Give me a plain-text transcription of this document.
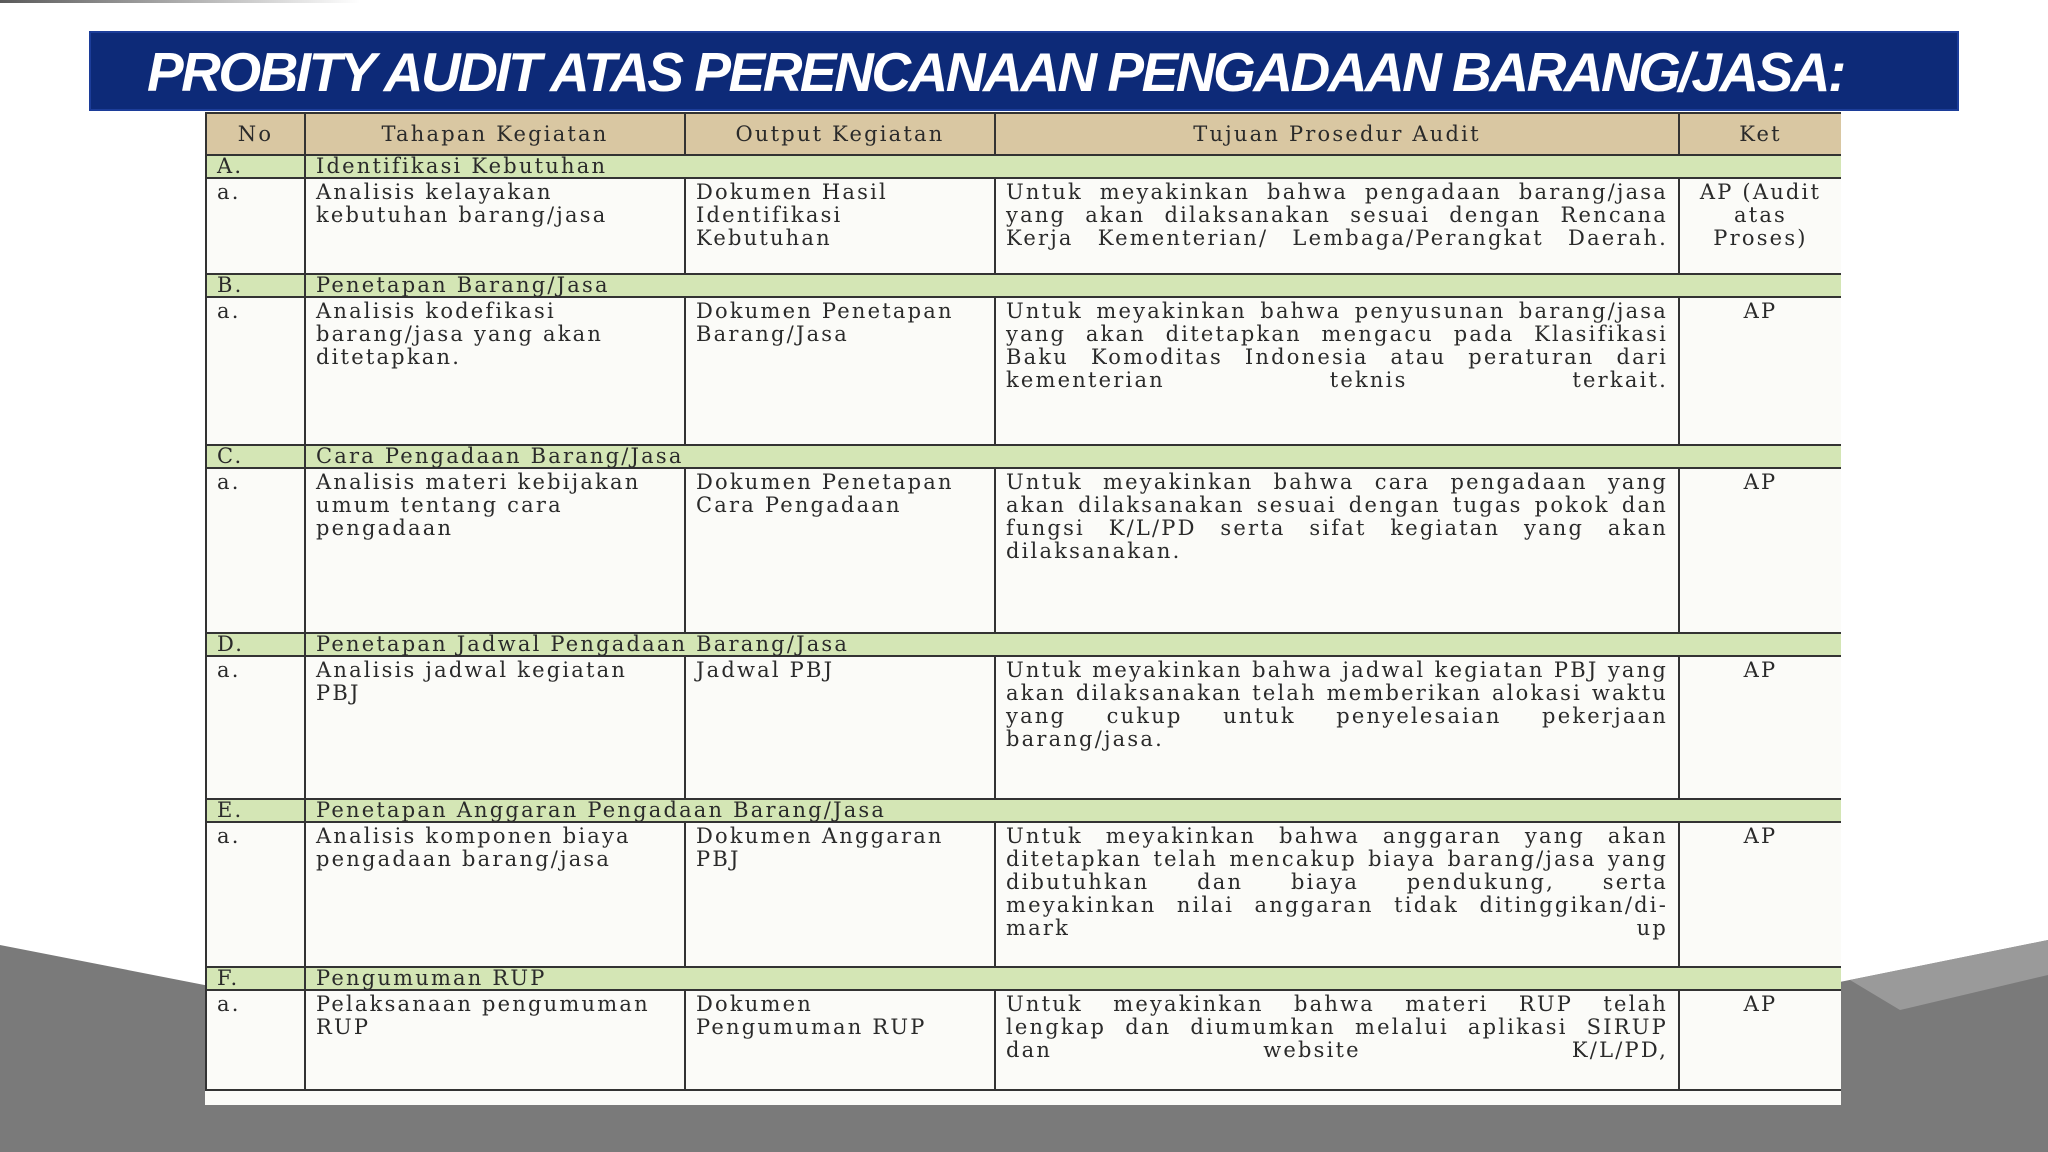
PROBITY AUDIT ATAS PERENCANAAN PENGADAAN BARANG/JASA:
No	Tahapan Kegiatan	Output Kegiatan	Tujuan Prosedur Audit	Ket
A.	Identifikasi Kebutuhan			
a.	Analisis kelayakan kebutuhan barang/jasa	Dokumen Hasil Identifikasi Kebutuhan	Untuk meyakinkan bahwa pengadaan barang/jasa yang akan dilaksanakan sesuai dengan Rencana Kerja Kementerian/ Lembaga/Perangkat Daerah.	AP (Audit atas Proses)
B.	Penetapan Barang/Jasa			
a.	Analisis kodefikasi barang/jasa yang akan ditetapkan.	Dokumen Penetapan Barang/Jasa	Untuk meyakinkan bahwa penyusunan barang/jasa yang akan ditetapkan mengacu pada Klasifikasi Baku Komoditas Indonesia atau peraturan dari kementerian teknis terkait.	AP
C.	Cara Pengadaan Barang/Jasa			
a.	Analisis materi kebijakan umum tentang cara pengadaan	Dokumen Penetapan Cara Pengadaan	Untuk meyakinkan bahwa cara pengadaan yang akan dilaksanakan sesuai dengan tugas pokok dan fungsi K/L/PD serta sifat kegiatan yang akan dilaksanakan.	AP
D.	Penetapan Jadwal Pengadaan Barang/Jasa			
a.	Analisis jadwal kegiatan PBJ	Jadwal PBJ	Untuk meyakinkan bahwa jadwal kegiatan PBJ yang akan dilaksanakan telah memberikan alokasi waktu yang cukup untuk penyelesaian pekerjaan barang/jasa.	AP
E.	Penetapan Anggaran Pengadaan Barang/Jasa			
a.	Analisis komponen biaya pengadaan barang/jasa	Dokumen Anggaran PBJ	Untuk meyakinkan bahwa anggaran yang akan ditetapkan telah mencakup biaya barang/jasa yang dibutuhkan dan biaya pendukung, serta meyakinkan nilai anggaran tidak ditinggikan/di-mark up	AP
F.	Pengumuman RUP			
a.	Pelaksanaan pengumuman RUP	Dokumen Pengumuman RUP	Untuk meyakinkan bahwa materi RUP telah lengkap dan diumumkan melalui aplikasi SIRUP dan website K/L/PD,	AP
